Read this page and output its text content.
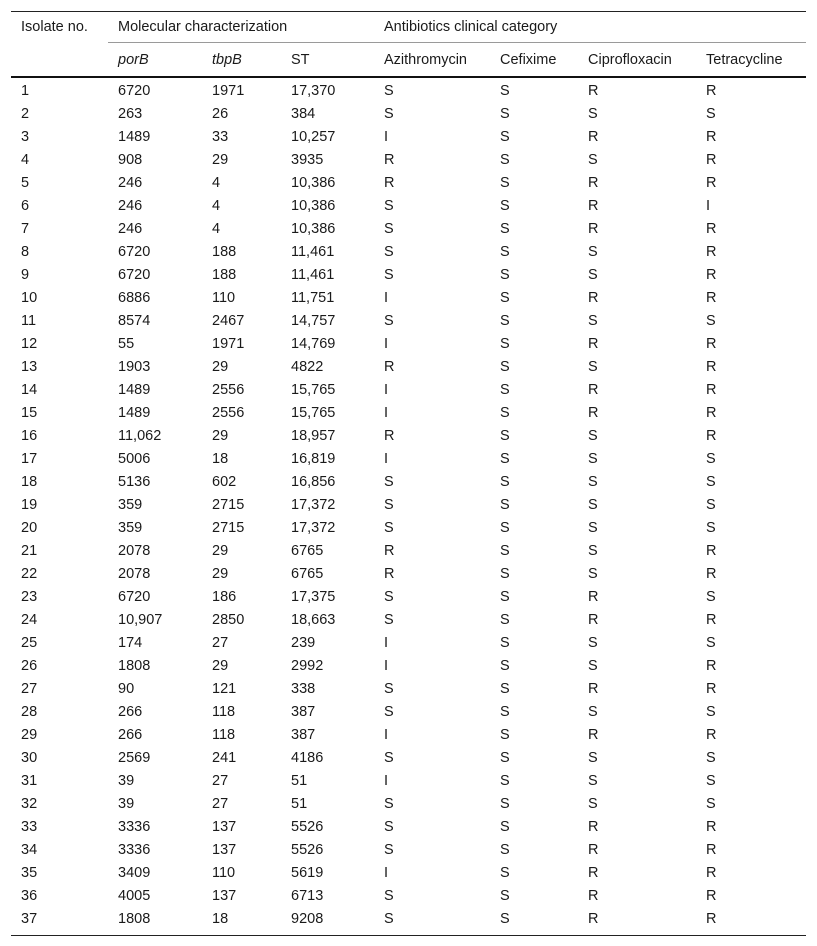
Isolate no.	Molecular characterization			Antibiotics clinical category			
	porB	tbpB	ST	Azithromycin	Cefixime	Ciprofloxacin	Tetracycline
1	6720	1971	17,370	S	S	R	R
2	263	26	384	S	S	S	S
3	1489	33	10,257	I	S	R	R
4	908	29	3935	R	S	S	R
5	246	4	10,386	R	S	R	R
6	246	4	10,386	S	S	R	I
7	246	4	10,386	S	S	R	R
8	6720	188	11,461	S	S	S	R
9	6720	188	11,461	S	S	S	R
10	6886	110	11,751	I	S	R	R
11	8574	2467	14,757	S	S	S	S
12	55	1971	14,769	I	S	R	R
13	1903	29	4822	R	S	S	R
14	1489	2556	15,765	I	S	R	R
15	1489	2556	15,765	I	S	R	R
16	11,062	29	18,957	R	S	S	R
17	5006	18	16,819	I	S	S	S
18	5136	602	16,856	S	S	S	S
19	359	2715	17,372	S	S	S	S
20	359	2715	17,372	S	S	S	S
21	2078	29	6765	R	S	S	R
22	2078	29	6765	R	S	S	R
23	6720	186	17,375	S	S	R	S
24	10,907	2850	18,663	S	S	R	R
25	174	27	239	I	S	S	S
26	1808	29	2992	I	S	S	R
27	90	121	338	S	S	R	R
28	266	118	387	S	S	S	S
29	266	118	387	I	S	R	R
30	2569	241	4186	S	S	S	S
31	39	27	51	I	S	S	S
32	39	27	51	S	S	S	S
33	3336	137	5526	S	S	R	R
34	3336	137	5526	S	S	R	R
35	3409	110	5619	I	S	R	R
36	4005	137	6713	S	S	R	R
37	1808	18	9208	S	S	R	R
